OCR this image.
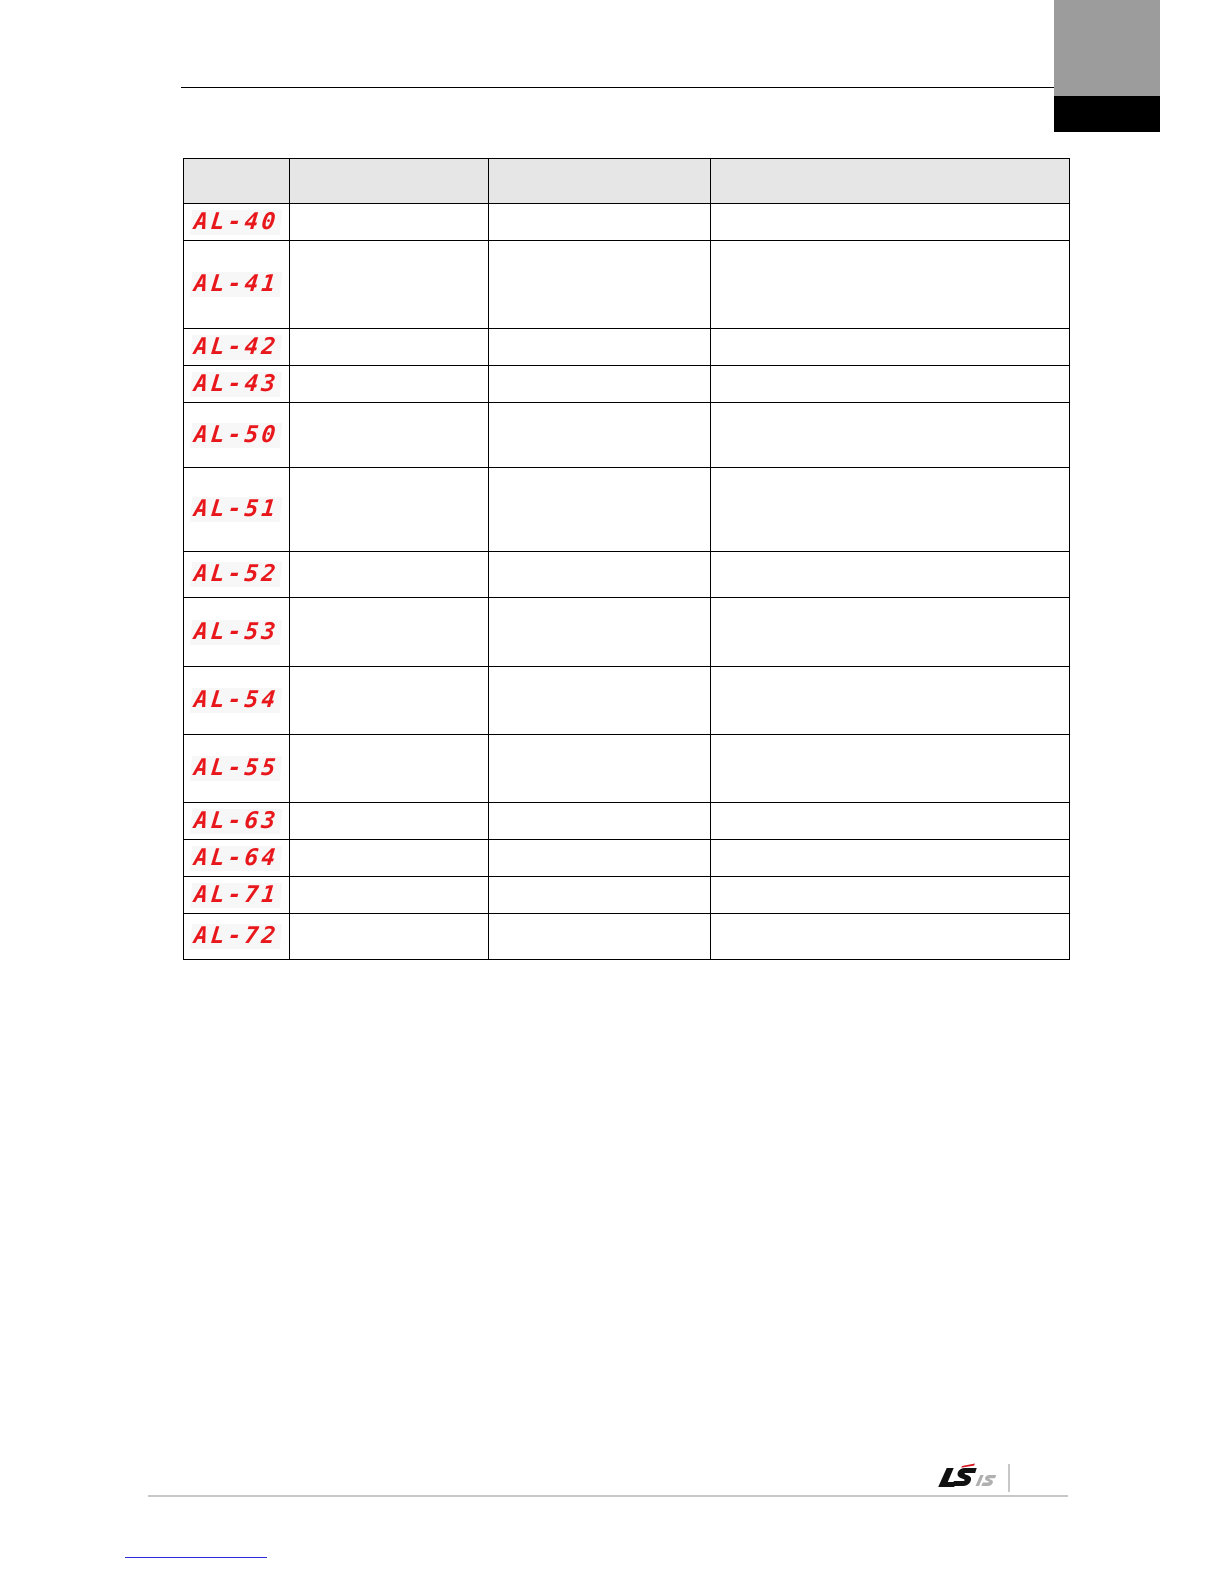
AL-40			
AL-41			
AL-42			
AL-43			
AL-50			
AL-51			
AL-52			
AL-53			
AL-54			
AL-55			
AL-63			
AL-64			
AL-71			
AL-72			
